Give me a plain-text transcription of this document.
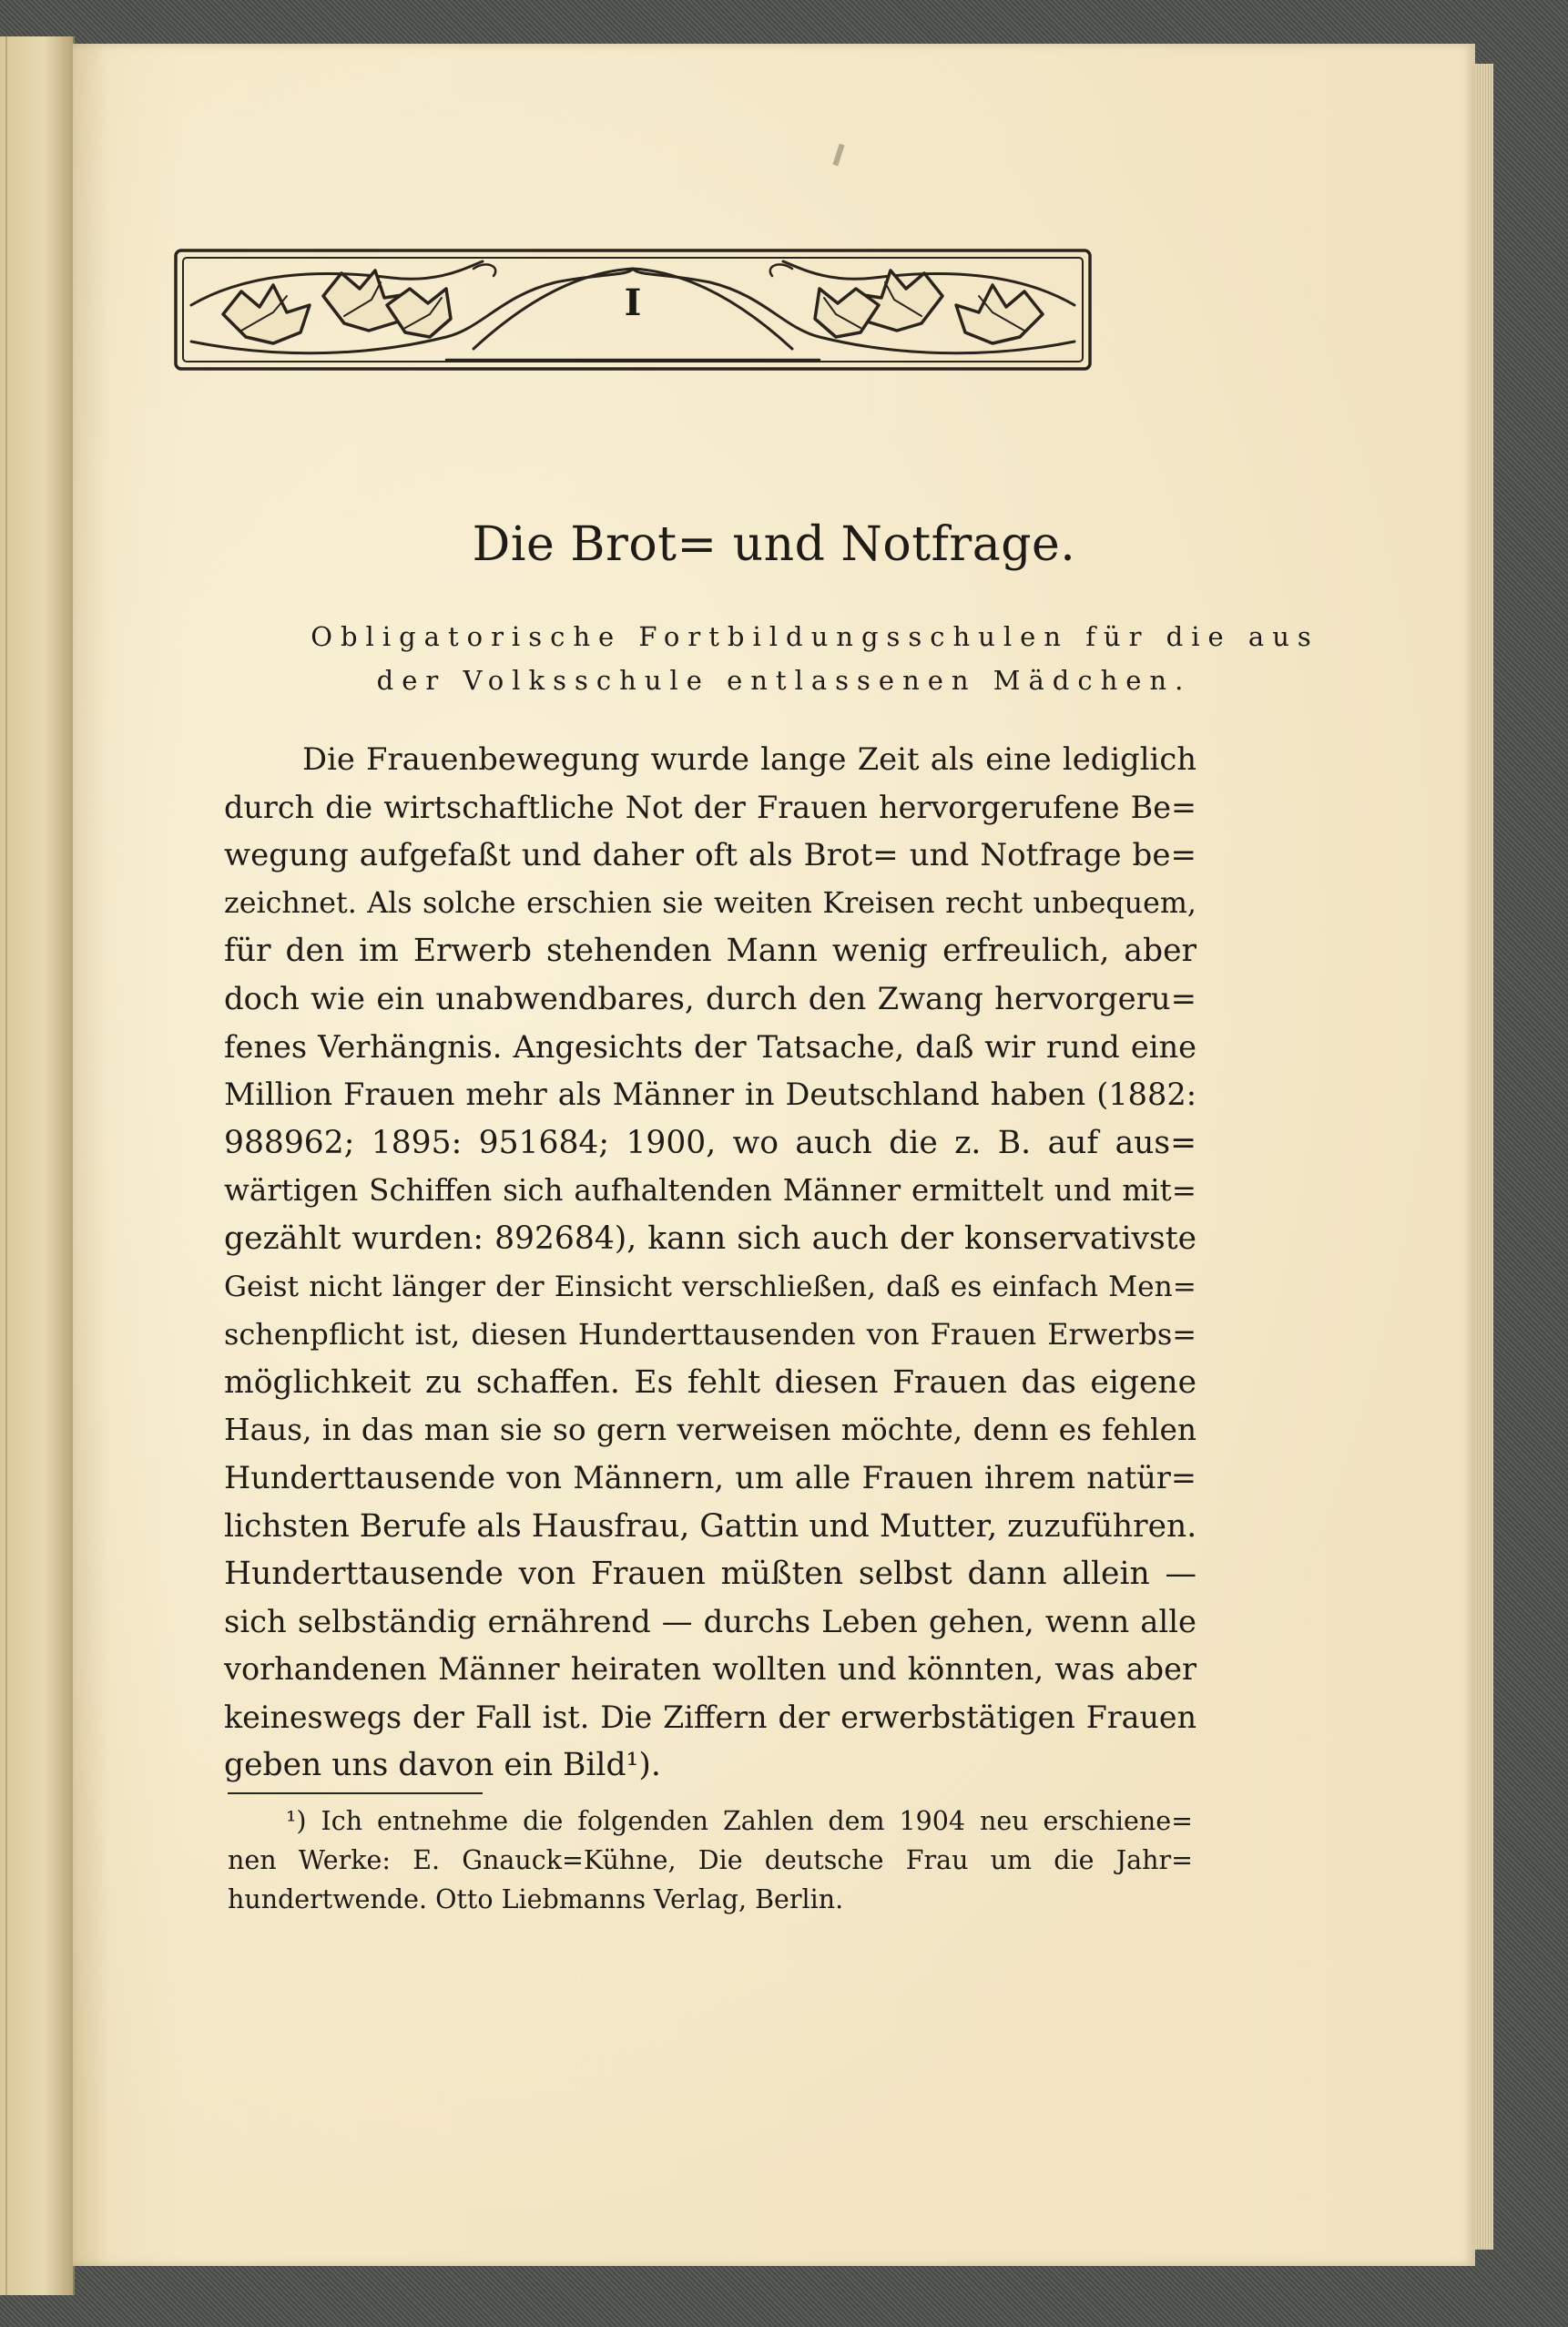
I
Die Brot= und Notfrage.
Obligatorische Fortbildungsschulen für die aus
der Volksschule entlassenen Mädchen.
Die Frauenbewegung wurde lange Zeit als eine lediglich
durch die wirtschaftliche Not der Frauen hervorgerufene Be=
wegung aufgefaßt und daher oft als Brot= und Notfrage be=
zeichnet. Als solche erschien sie weiten Kreisen recht unbequem,
für den im Erwerb stehenden Mann wenig erfreulich, aber
doch wie ein unabwendbares, durch den Zwang hervorgeru=
fenes Verhängnis. Angesichts der Tatsache, daß wir rund eine
Million Frauen mehr als Männer in Deutschland haben (1882:
988962; 1895: 951684; 1900, wo auch die z. B. auf aus=
wärtigen Schiffen sich aufhaltenden Männer ermittelt und mit=
gezählt wurden: 892684), kann sich auch der konservativste
Geist nicht länger der Einsicht verschließen, daß es einfach Men=
schenpflicht ist, diesen Hunderttausenden von Frauen Erwerbs=
möglichkeit zu schaffen. Es fehlt diesen Frauen das eigene
Haus, in das man sie so gern verweisen möchte, denn es fehlen
Hunderttausende von Männern, um alle Frauen ihrem natür=
lichsten Berufe als Hausfrau, Gattin und Mutter, zuzuführen.
Hunderttausende von Frauen müßten selbst dann allein —
sich selbständig ernährend — durchs Leben gehen, wenn alle
vorhandenen Männer heiraten wollten und könnten, was aber
keineswegs der Fall ist. Die Ziffern der erwerbstätigen Frauen
geben uns davon ein Bild¹).
¹) Ich entnehme die folgenden Zahlen dem 1904 neu erschiene=
nen Werke: E. Gnauck=Kühne, Die deutsche Frau um die Jahr=
hundertwende. Otto Liebmanns Verlag, Berlin.
